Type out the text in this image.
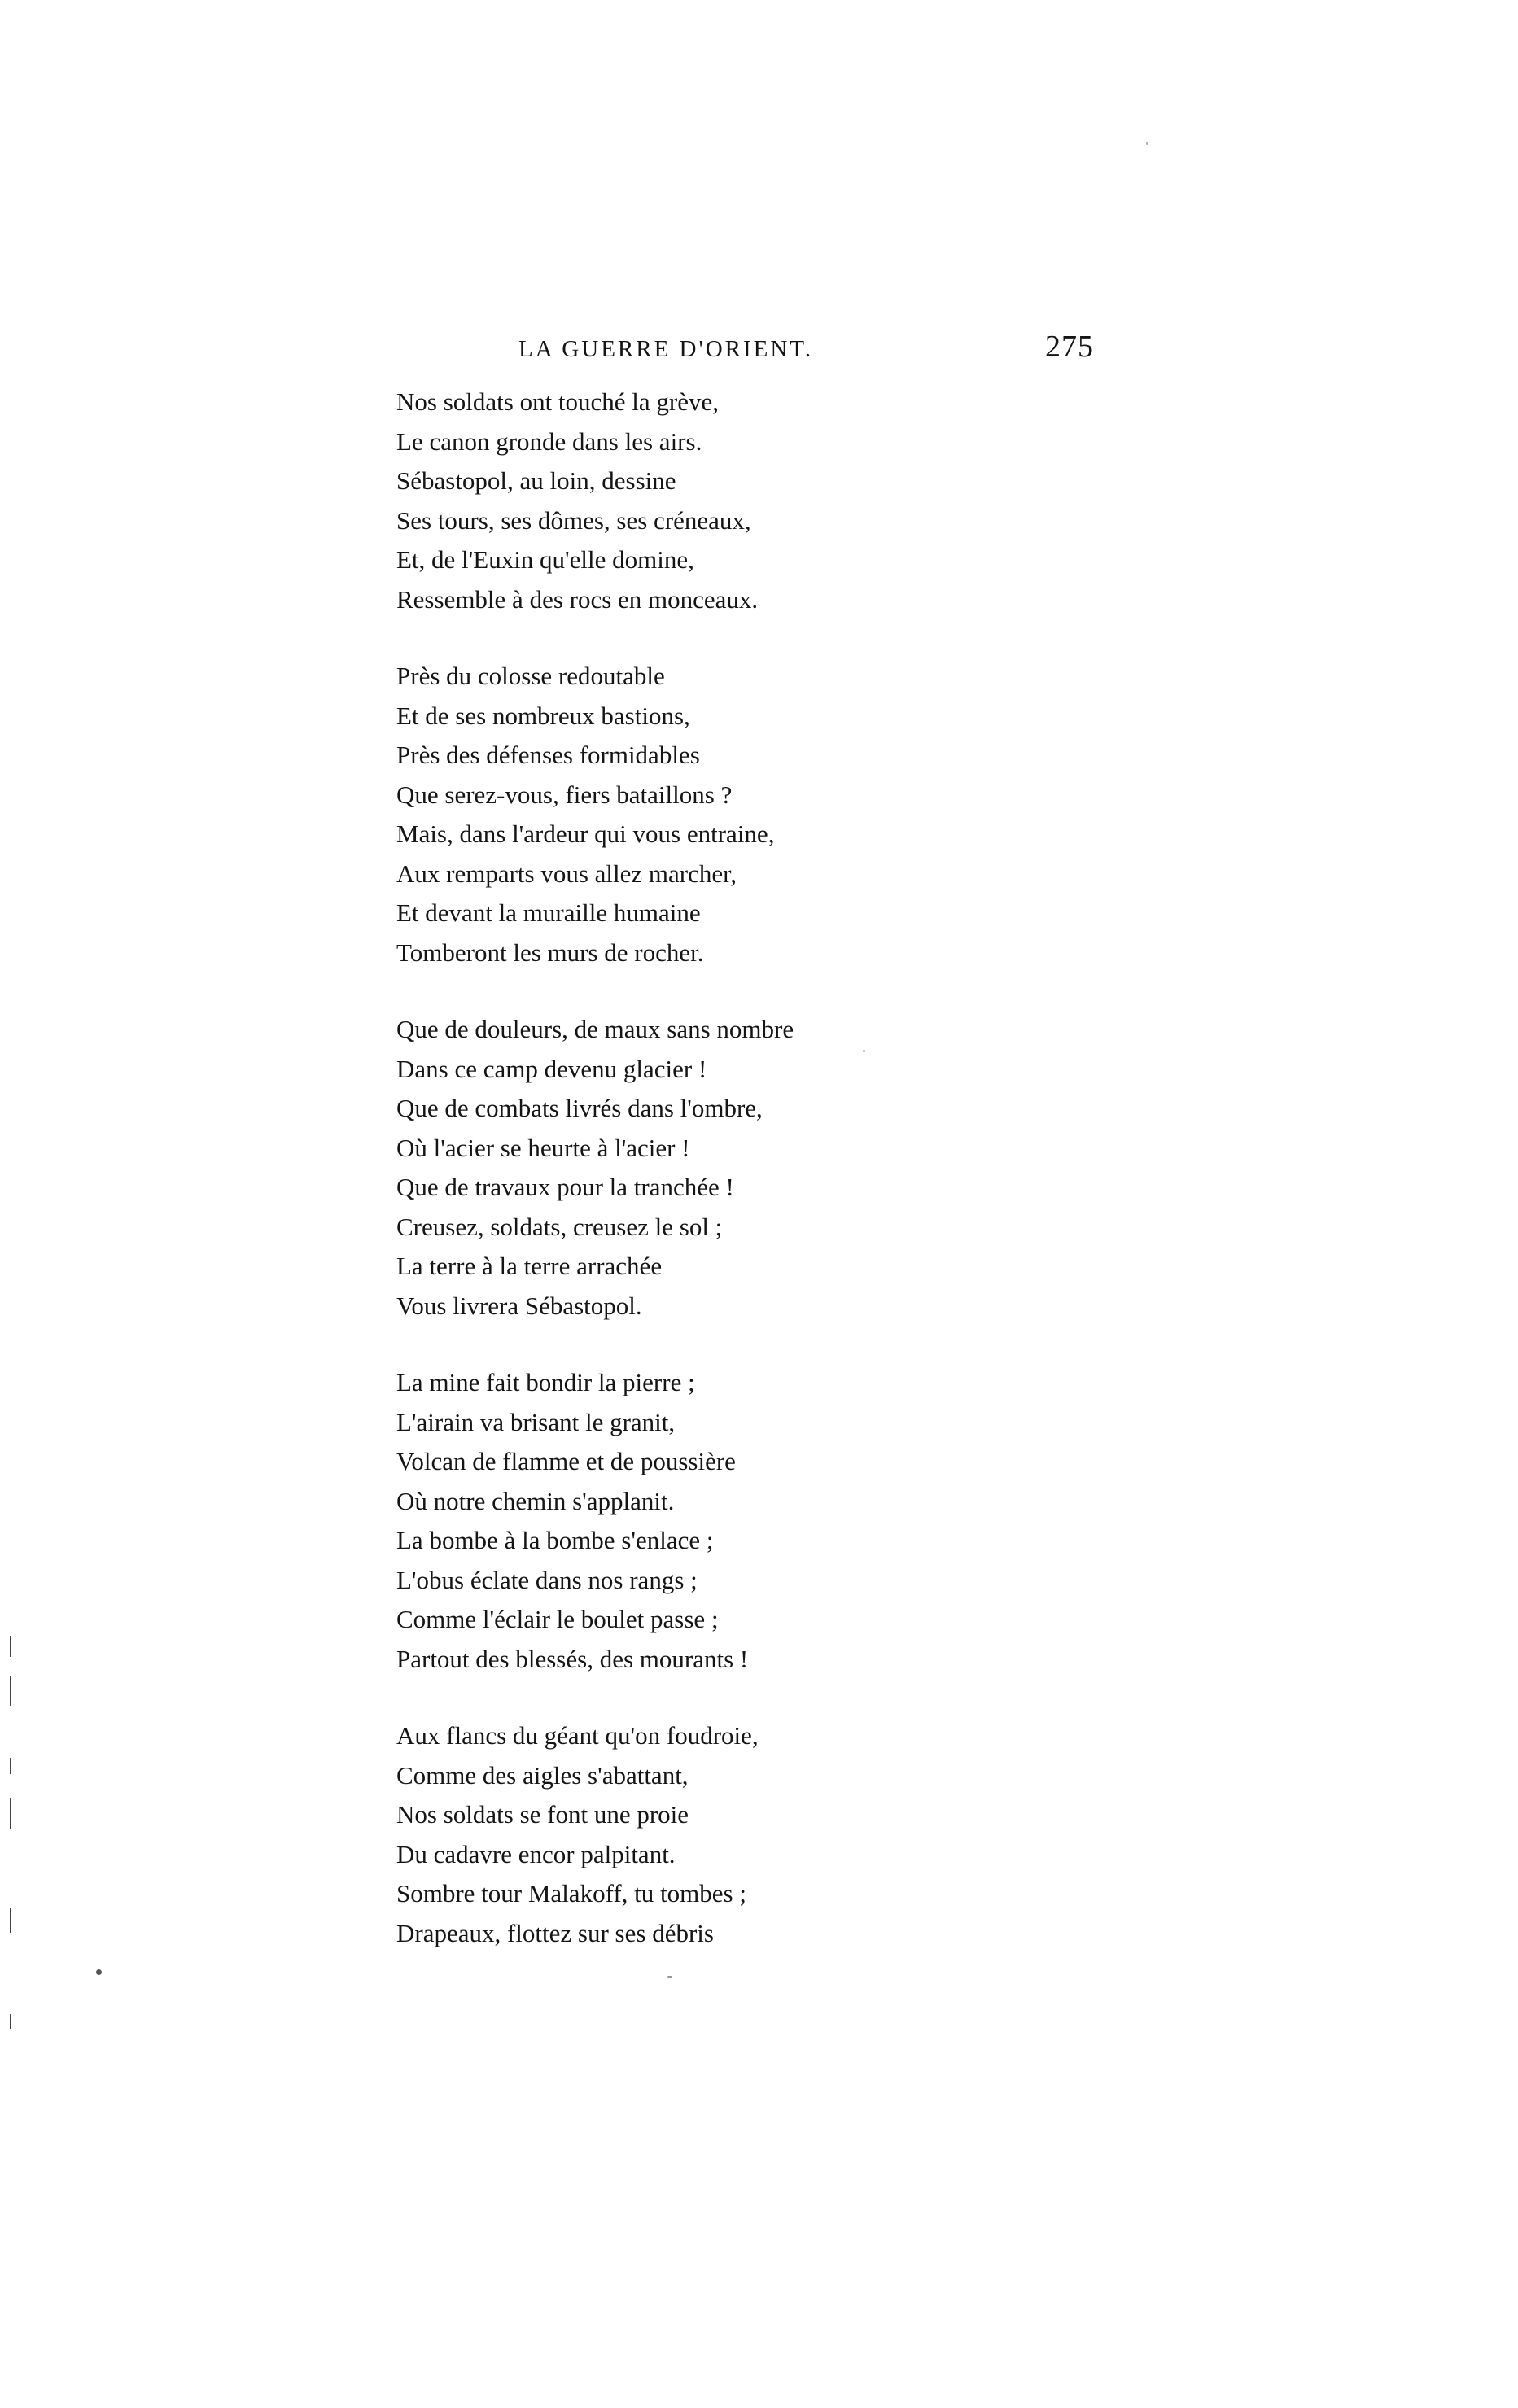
LA GUERRE D'ORIENT.	275
Nos soldats ont touché la grève,
Le canon gronde dans les airs.
Sébastopol, au loin, dessine
Ses tours, ses dômes, ses créneaux,
Et, de l'Euxin qu'elle domine,
Ressemble à des rocs en monceaux.
Près du colosse redoutable
Et de ses nombreux bastions,
Près des défenses formidables
Que serez-vous, fiers bataillons ?
Mais, dans l'ardeur qui vous entraine,
Aux remparts vous allez marcher,
Et devant la muraille humaine
Tomberont les murs de rocher.
Que de douleurs, de maux sans nombre
Dans ce camp devenu glacier !
Que de combats livrés dans l'ombre,
Où l'acier se heurte à l'acier !
Que de travaux pour la tranchée !
Creusez, soldats, creusez le sol ;
La terre à la terre arrachée
Vous livrera Sébastopol.
La mine fait bondir la pierre ;
L'airain va brisant le granit,
Volcan de flamme et de poussière
Où notre chemin s'applanit.
La bombe à la bombe s'enlace ;
L'obus éclate dans nos rangs ;
Comme l'éclair le boulet passe ;
Partout des blessés, des mourants !
Aux flancs du géant qu'on foudroie,
Comme des aigles s'abattant,
Nos soldats se font une proie
Du cadavre encor palpitant.
Sombre tour Malakoff, tu tombes ;
Drapeaux, flottez sur ses débris
